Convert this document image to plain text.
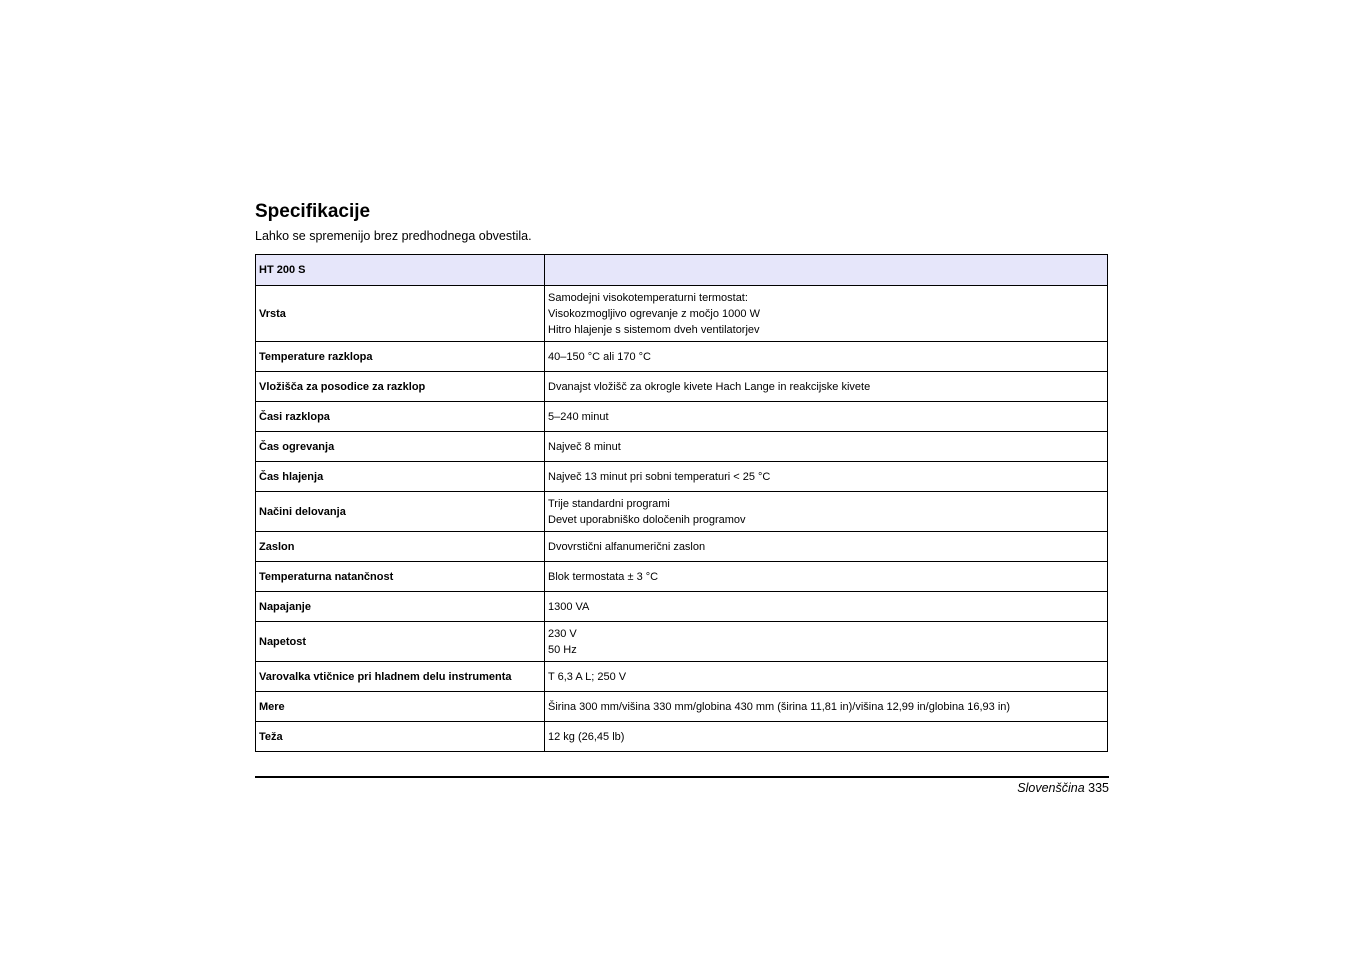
Specifikacije
Lahko se spremenijo brez predhodnega obvestila.
HT 200 S	
Vrsta	Samodejni visokotemperaturni termostat:
Visokozmogljivo ogrevanje z močjo 1000 W
Hitro hlajenje s sistemom dveh ventilatorjev

Temperature razklopa	40–150 °C ali 170 °C

Vložišča za posodice za razklop	Dvanajst vložišč za okrogle kivete Hach Lange in reakcijske kivete

Časi razklopa	5–240 minut

Čas ogrevanja	Največ 8 minut

Čas hlajenja	Največ 13 minut pri sobni temperaturi < 25 °C

Načini delovanja	Trije standardni programi
Devet uporabniško določenih programov

Zaslon	Dvovrstični alfanumerični zaslon

Temperaturna natančnost	Blok termostata ± 3 °C

Napajanje	1300 VA

Napetost	230 V
50 Hz

Varovalka vtičnice pri hladnem delu instrumenta	T 6,3 A L; 250 V

Mere	Širina 300 mm/višina 330 mm/globina 430 mm (širina 11,81 in)/višina 12,99 in/globina 16,93 in)

Teža	12 kg (26,45 lb)
Slovenščina 335
